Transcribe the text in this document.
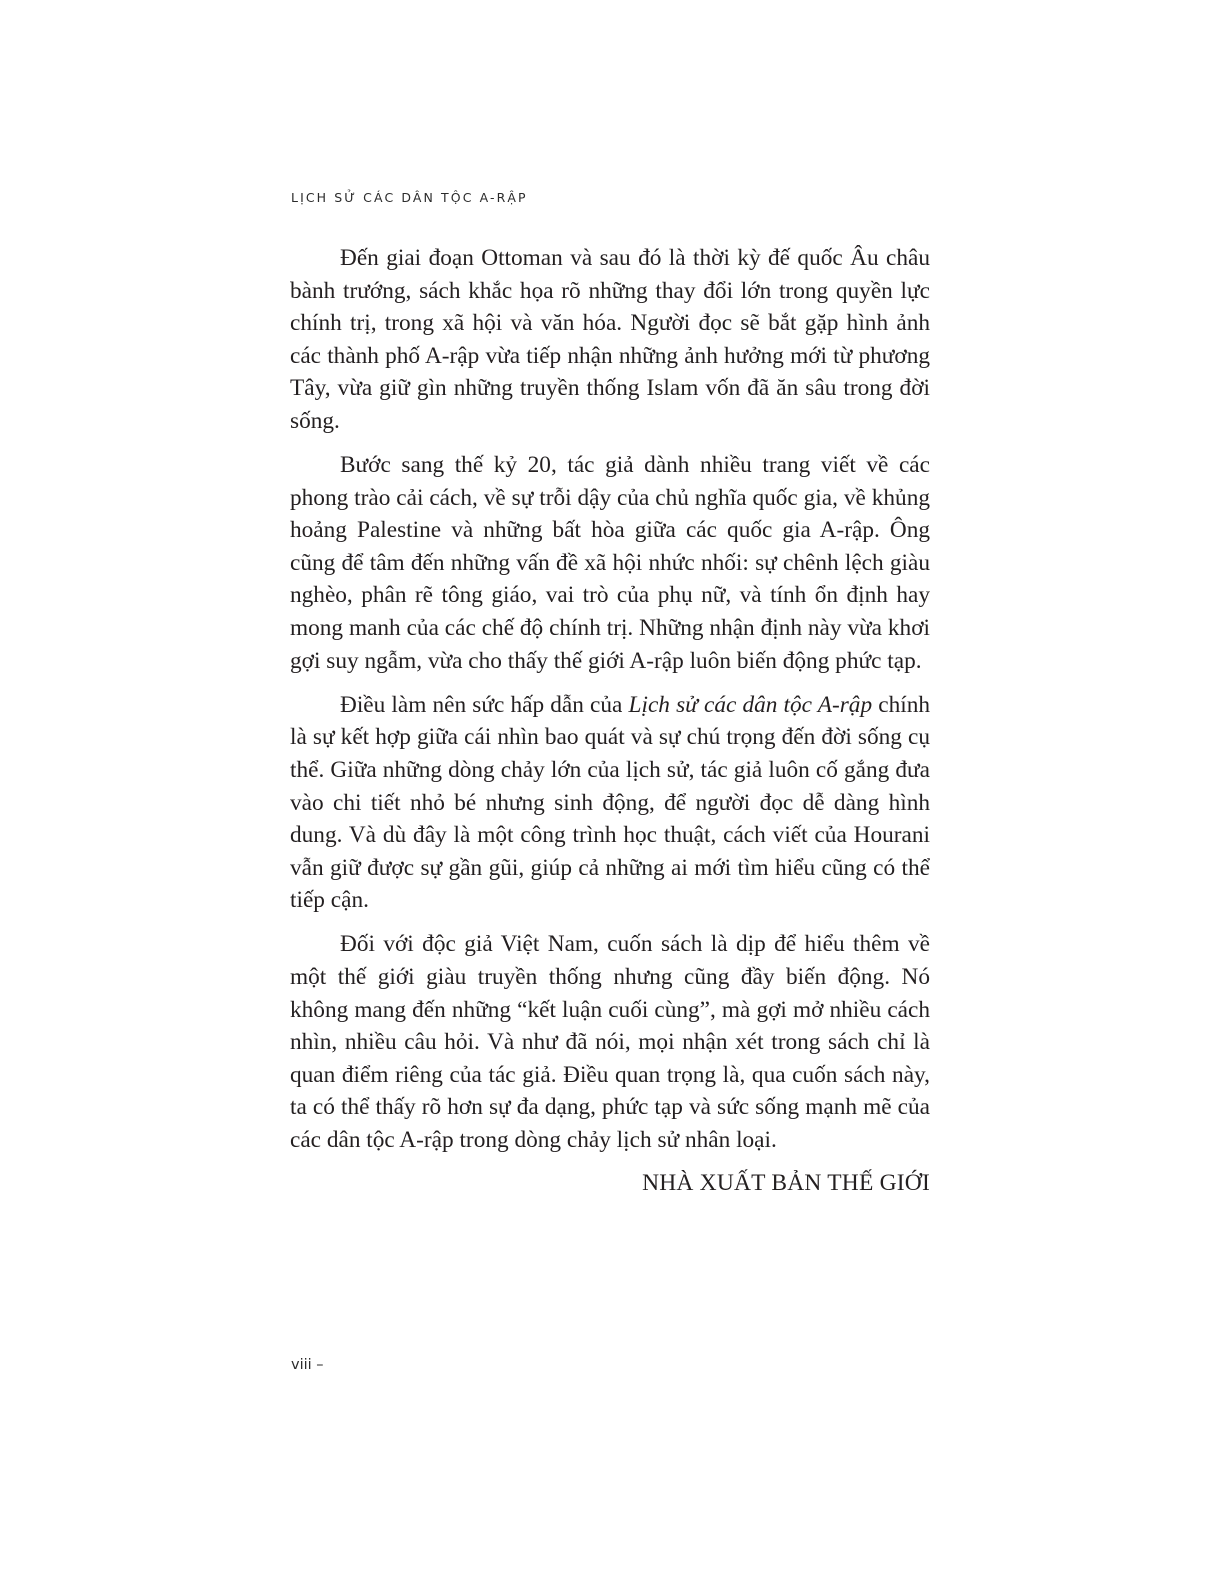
LỊCH SỬ CÁC DÂN TỘC A-RẬP

Đến giai đoạn Ottoman và sau đó là thời kỳ đế quốc Âu châu bành trướng, sách khắc họa rõ những thay đổi lớn trong quyền lực chính trị, trong xã hội và văn hóa. Người đọc sẽ bắt gặp hình ảnh các thành phố A-rập vừa tiếp nhận những ảnh hưởng mới từ phương Tây, vừa giữ gìn những truyền thống Islam vốn đã ăn sâu trong đời sống.

Bước sang thế kỷ 20, tác giả dành nhiều trang viết về các phong trào cải cách, về sự trỗi dậy của chủ nghĩa quốc gia, về khủng hoảng Palestine và những bất hòa giữa các quốc gia A-rập. Ông cũng để tâm đến những vấn đề xã hội nhức nhối: sự chênh lệch giàu nghèo, phân rẽ tông giáo, vai trò của phụ nữ, và tính ổn định hay mong manh của các chế độ chính trị. Những nhận định này vừa khơi gợi suy ngẫm, vừa cho thấy thế giới A-rập luôn biến động phức tạp.

Điều làm nên sức hấp dẫn của Lịch sử các dân tộc A-rập chính là sự kết hợp giữa cái nhìn bao quát và sự chú trọng đến đời sống cụ thể. Giữa những dòng chảy lớn của lịch sử, tác giả luôn cố gắng đưa vào chi tiết nhỏ bé nhưng sinh động, để người đọc dễ dàng hình dung. Và dù đây là một công trình học thuật, cách viết của Hourani vẫn giữ được sự gần gũi, giúp cả những ai mới tìm hiểu cũng có thể tiếp cận.

Đối với độc giả Việt Nam, cuốn sách là dịp để hiểu thêm về một thế giới giàu truyền thống nhưng cũng đầy biến động. Nó không mang đến những “kết luận cuối cùng”, mà gợi mở nhiều cách nhìn, nhiều câu hỏi. Và như đã nói, mọi nhận xét trong sách chỉ là quan điểm riêng của tác giả. Điều quan trọng là, qua cuốn sách này, ta có thể thấy rõ hơn sự đa dạng, phức tạp và sức sống mạnh mẽ của các dân tộc A-rập trong dòng chảy lịch sử nhân loại.

NHÀ XUẤT BẢN THẾ GIỚI

viii –
